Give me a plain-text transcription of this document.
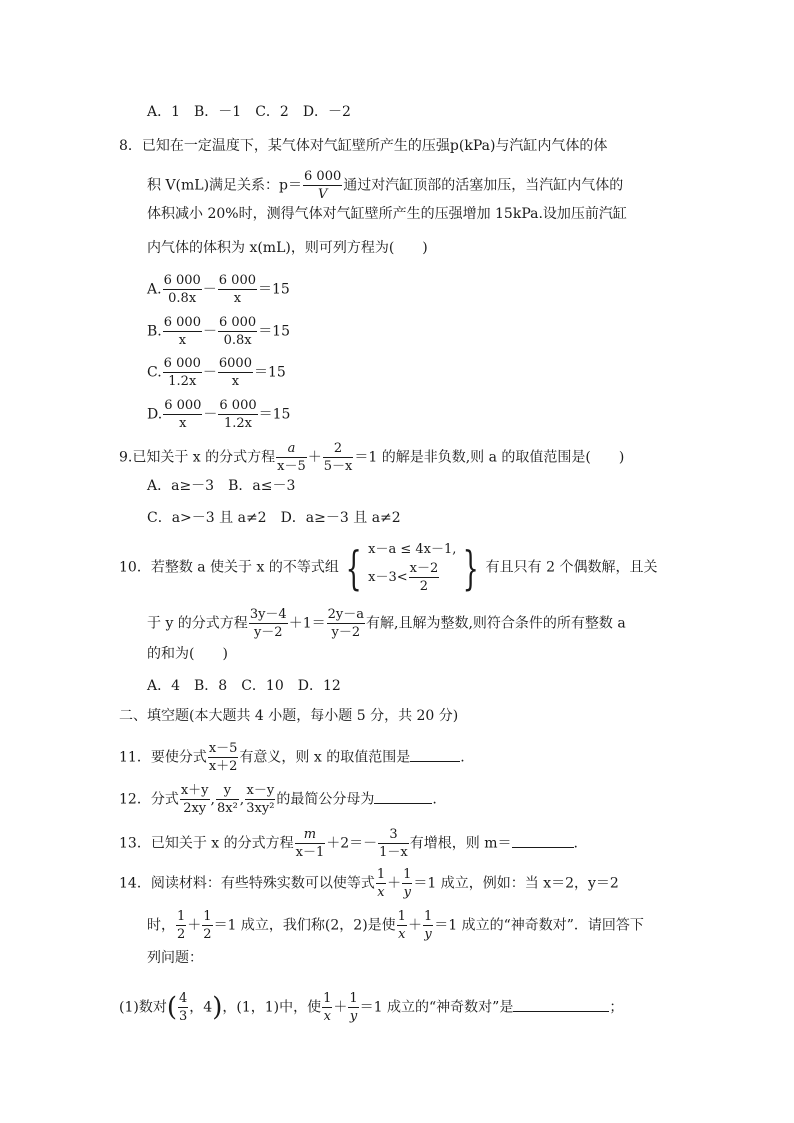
A．1　B．－1　C．2　D．－2
8．已知在一定温度下，某气体对气缸壁所产生的压强p(kPa)与汽缸内气体的体
积 V(mL)满足关系：$p= \frac{6 000}{V}$ 通过对汽缸顶部的活塞加压，当汽缸内气体的
体积减小 20%时，测得气体对气缸壁所产生的压强增加 15kPa.设加压前汽缸
内气体的体积为 x(mL)，则可列方程为(　　)
A. $\frac{6 000}{0.8x} - \frac{6 000}{x} =15$
B. $\frac{6 000}{x} - \frac{6 000}{0.8x} =15$
C. $\frac{6 000}{1.2x} - \frac{6000}{x} =15$
D. $\frac{6 000}{x} - \frac{6 000}{1.2x} =15$
9.已知关于 x 的分式方程 $\frac{a}{x-5} + \frac{2}{5-x} =1$ 的解是非负数,则 a 的取值范围是(　　)
A．a≥－3　B．a≤－3
C．a>－3 且 a≠2　D．a≥－3 且 a≠2
10．若整数 a 使关于 x 的不等式组 { x－a ≤ 4x－1,
$x-3< \frac{x-2}{2}$ { 有且只有 2 个偶数解，且关
于 y 的分式方程 $\frac{3y-4}{y-2} +1= \frac{2y-a}{y-2}$ 有解,且解为整数,则符合条件的所有整数 a
的和为(　　)
A．4　B．8　C．10　D．12
二、填空题(本大题共 4 小题，每小题 5 分，共 20 分)
11．要使分式 $\frac{x-5}{x+2}$ 有意义，则 x 的取值范围是	.
12．分式 $\frac{x+y}{2xy}$ , $\frac{y}{\text{8x²}}$ , $\frac{x-y}{\text{3xy²}}$ 的最简公分母为	.
13．已知关于 x 的分式方程 $\frac{m}{x-1} +2=- \frac{3}{1-x}$ 有增根，则 m＝	.
14．阅读材料：有些特殊实数可以使等式 $\frac{1}{x}+ \frac{1}{y}=1$ 成立，例如：当 x＝2，y＝2
时， $\frac{1}{2} + \frac{1}{2} =1$ 成立，我们称(2，2)是使 $\frac{1}{x}+ \frac{1}{y}=1$ 成立的“神奇数对”．请回答下
列问题：
(1)数对( $\frac{4}{3}$ ，4)，(1，1)中，使 $\frac{1}{x}+ \frac{1}{y}=1$ 成立的“神奇数对”是	；
